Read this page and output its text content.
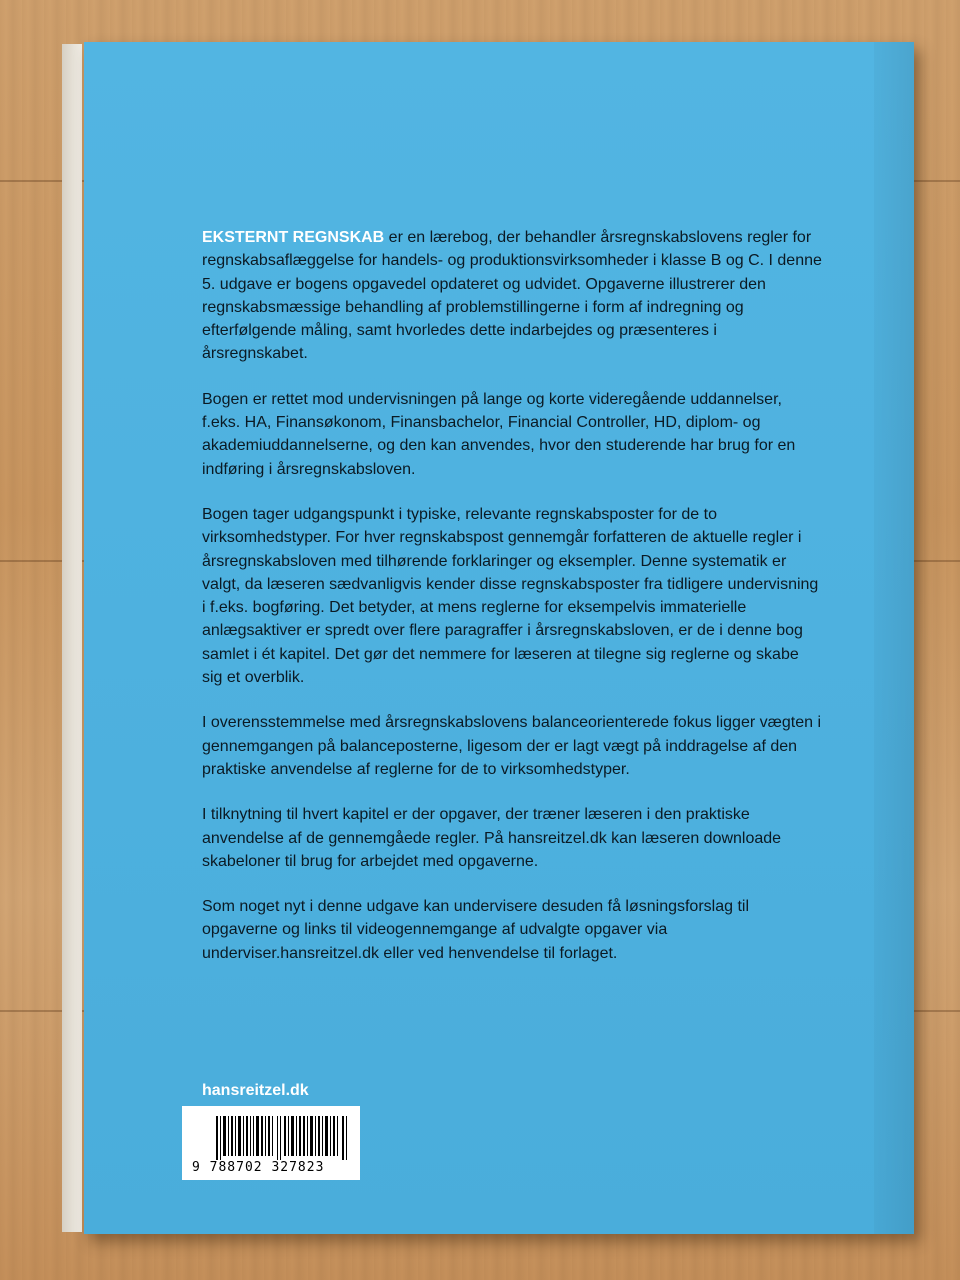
EKSTERNT REGNSKAB er en lærebog, der behandler årsregnskabslovens regler for regnskabsaflæggelse for handels- og produktionsvirksomheder i klasse B og C. I denne 5. udgave er bogens opgavedel opdateret og udvidet. Opgaverne illustrerer den regnskabsmæssige behandling af problemstillingerne i form af indregning og efterfølgende måling, samt hvorledes dette indarbejdes og præsenteres i årsregnskabet.

Bogen er rettet mod undervisningen på lange og korte videregående uddannelser, f.eks. HA, Finansøkonom, Finansbachelor, Financial Controller, HD, diplom- og akademiuddannelserne, og den kan anvendes, hvor den studerende har brug for en indføring i årsregnskabsloven.

Bogen tager udgangspunkt i typiske, relevante regnskabsposter for de to virksomhedstyper. For hver regnskabspost gennemgår forfatteren de aktuelle regler i årsregnskabsloven med tilhørende forklaringer og eksempler. Denne systematik er valgt, da læseren sædvanligvis kender disse regnskabsposter fra tidligere undervisning i f.eks. bogføring. Det betyder, at mens reglerne for eksempelvis immaterielle anlægsaktiver er spredt over flere paragraffer i årsregnskabsloven, er de i denne bog samlet i ét kapitel. Det gør det nemmere for læseren at tilegne sig reglerne og skabe sig et overblik.

I overensstemmelse med årsregnskabslovens balanceorienterede fokus ligger vægten i gennemgangen på balanceposterne, ligesom der er lagt vægt på inddragelse af den praktiske anvendelse af reglerne for de to virksomhedstyper.

I tilknytning til hvert kapitel er der opgaver, der træner læseren i den praktiske anvendelse af de gennemgåede regler. På hansreitzel.dk kan læseren downloade skabeloner til brug for arbejdet med opgaverne.

Som noget nyt i denne udgave kan undervisere desuden få løsningsforslag til opgaverne og links til videogennemgange af udvalgte opgaver via underviser.hansreitzel.dk eller ved henvendelse til forlaget.

hansreitzel.dk
9 788702 327823
